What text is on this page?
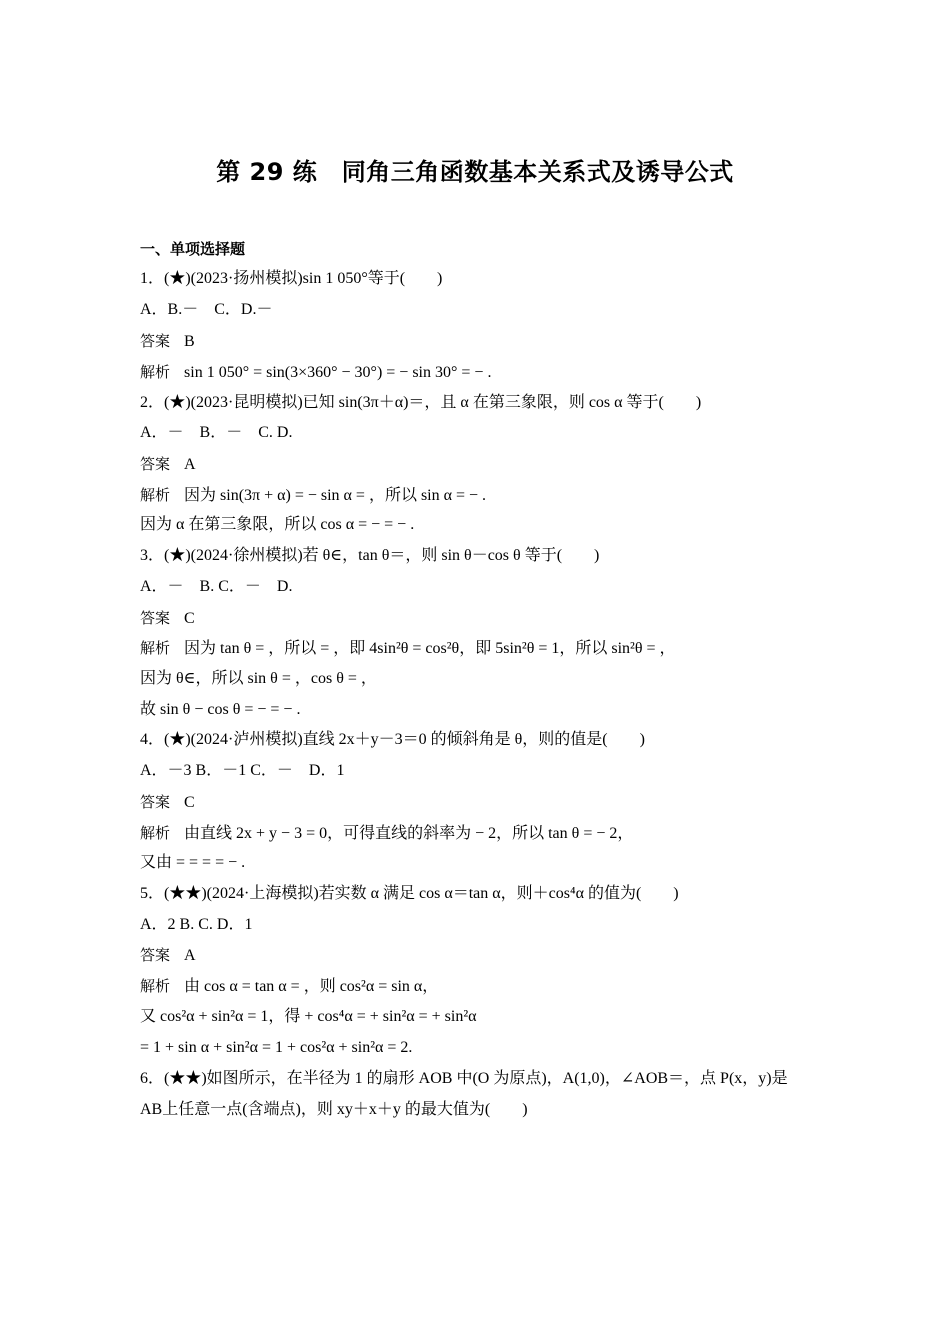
第 29 练　同角三角函数基本关系式及诱导公式
一、单项选择题
1．(★)(2023·扬州模拟)sin 1 050°等于(　　)
A．B.－　C．D.－
答案 B
解析 sin 1 050° = sin(3×360° − 30°) = − sin 30° = − .
2．(★)(2023·昆明模拟)已知 sin(3π＋α)＝，且 α 在第三象限，则 cos α 等于(　　)
A．－　B．－　C. D.
答案 A
解析 因为 sin(3π + α) = − sin α = ，所以 sin α = − .
因为 α 在第三象限，所以 cos α = − = − .
3．(★)(2024·徐州模拟)若 θ∈，tan θ＝，则 sin θ－cos θ 等于(　　)
A．－　B. C．－　D.
答案 C
解析 因为 tan θ = ，所以 = ，即 4sin²θ = cos²θ，即 5sin²θ = 1，所以 sin²θ = ，
因为 θ∈，所以 sin θ = ，cos θ = ，
故 sin θ − cos θ = − = − .
4．(★)(2024·泸州模拟)直线 2x＋y－3＝0 的倾斜角是 θ，则的值是(　　)
A．－3 B．－1 C．－　D．1
答案 C
解析 由直线 2x + y − 3 = 0，可得直线的斜率为 − 2，所以 tan θ = − 2，
又由 = = = = − .
5．(★★)(2024·上海模拟)若实数 α 满足 cos α＝tan α，则＋cos⁴α 的值为(　　)
A．2 B. C. D．1
答案 A
解析 由 cos α = tan α = ，则 cos²α = sin α，
又 cos²α + sin²α = 1，得 + cos⁴α = + sin²α = + sin²α
= 1 + sin α + sin²α = 1 + cos²α + sin²α = 2.
6．(★★)如图所示，在半径为 1 的扇形 AOB 中(O 为原点)，A(1,0)，∠AOB＝，点 P(x，y)是
AB上任意一点(含端点)，则 xy＋x＋y 的最大值为(　　)
